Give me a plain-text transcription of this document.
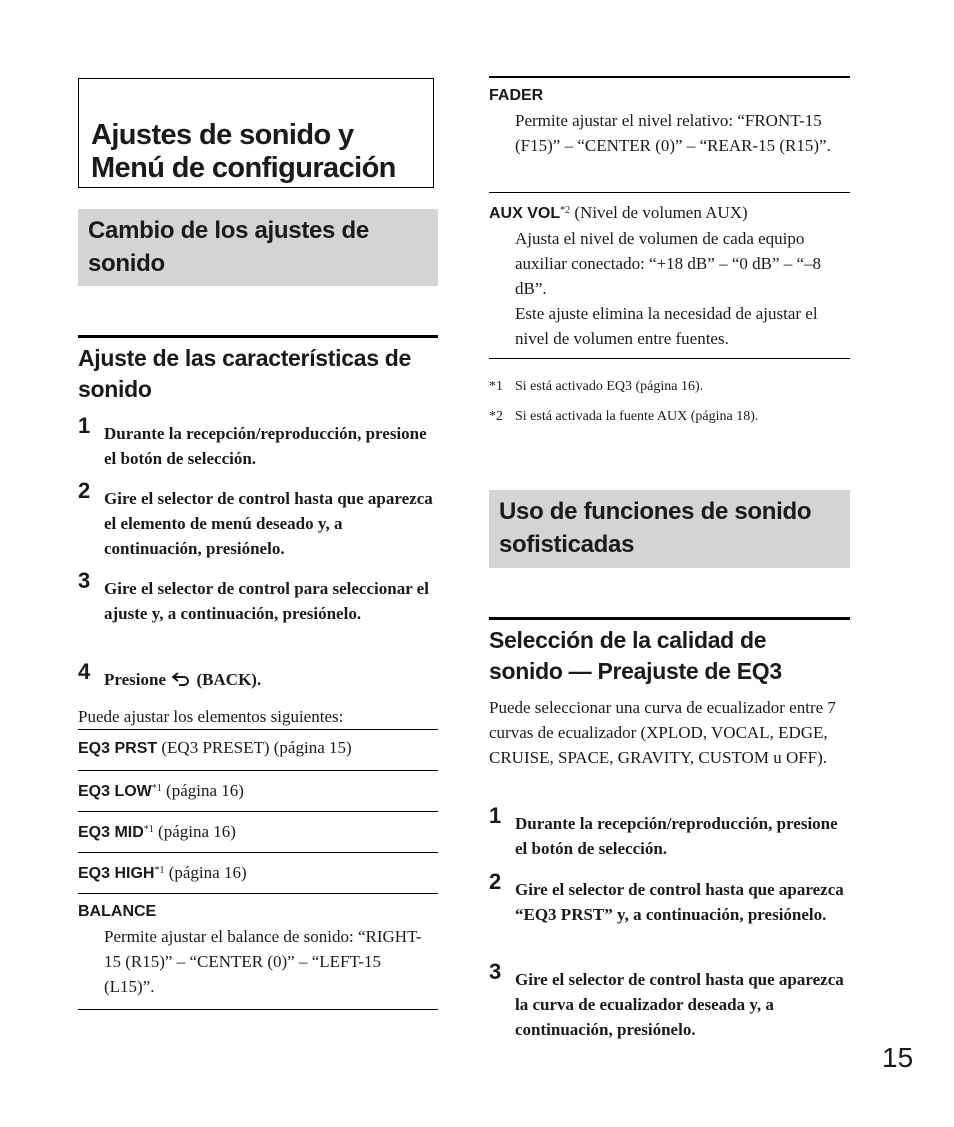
Ajustes de sonido y Menú de configuración
Cambio de los ajustes de sonido
Ajuste de las características de sonido
1 Durante la recepción/reproducción, presione el botón de selección.
2 Gire el selector de control hasta que aparezca el elemento de menú deseado y, a continuación, presiónelo.
3 Gire el selector de control para seleccionar el ajuste y, a continuación, presiónelo.
4 Presione (BACK).
Puede ajustar los elementos siguientes:
EQ3 PRST (EQ3 PRESET) (página 15)
EQ3 LOW$^{*1}$ (página 16)
EQ3 MID$^{*1}$ (página 16)
EQ3 HIGH$^{*1}$ (página 16)
BALANCE
Permite ajustar el balance de sonido: “RIGHT-15 (R15)” – “CENTER (0)” – “LEFT-15 (L15)”.
FADER
Permite ajustar el nivel relativo: “FRONT-15 (F15)” – “CENTER (0)” – “REAR-15 (R15)”.
AUX VOL$^{*2}$ (Nivel de volumen AUX)
Ajusta el nivel de volumen de cada equipo auxiliar conectado: “+18 dB” – “0 dB” – “–8 dB”.
Este ajuste elimina la necesidad de ajustar el nivel de volumen entre fuentes.
*1 Si está activado EQ3 (página 16).
*2 Si está activada la fuente AUX (página 18).
Uso de funciones de sonido sofisticadas
Selección de la calidad de sonido — Preajuste de EQ3
Puede seleccionar una curva de ecualizador entre 7 curvas de ecualizador (XPLOD, VOCAL, EDGE, CRUISE, SPACE, GRAVITY, CUSTOM u OFF).
1 Durante la recepción/reproducción, presione el botón de selección.
2 Gire el selector de control hasta que aparezca “EQ3 PRST” y, a continuación, presiónelo.
3 Gire el selector de control hasta que aparezca la curva de ecualizador deseada y, a continuación, presiónelo.
15
